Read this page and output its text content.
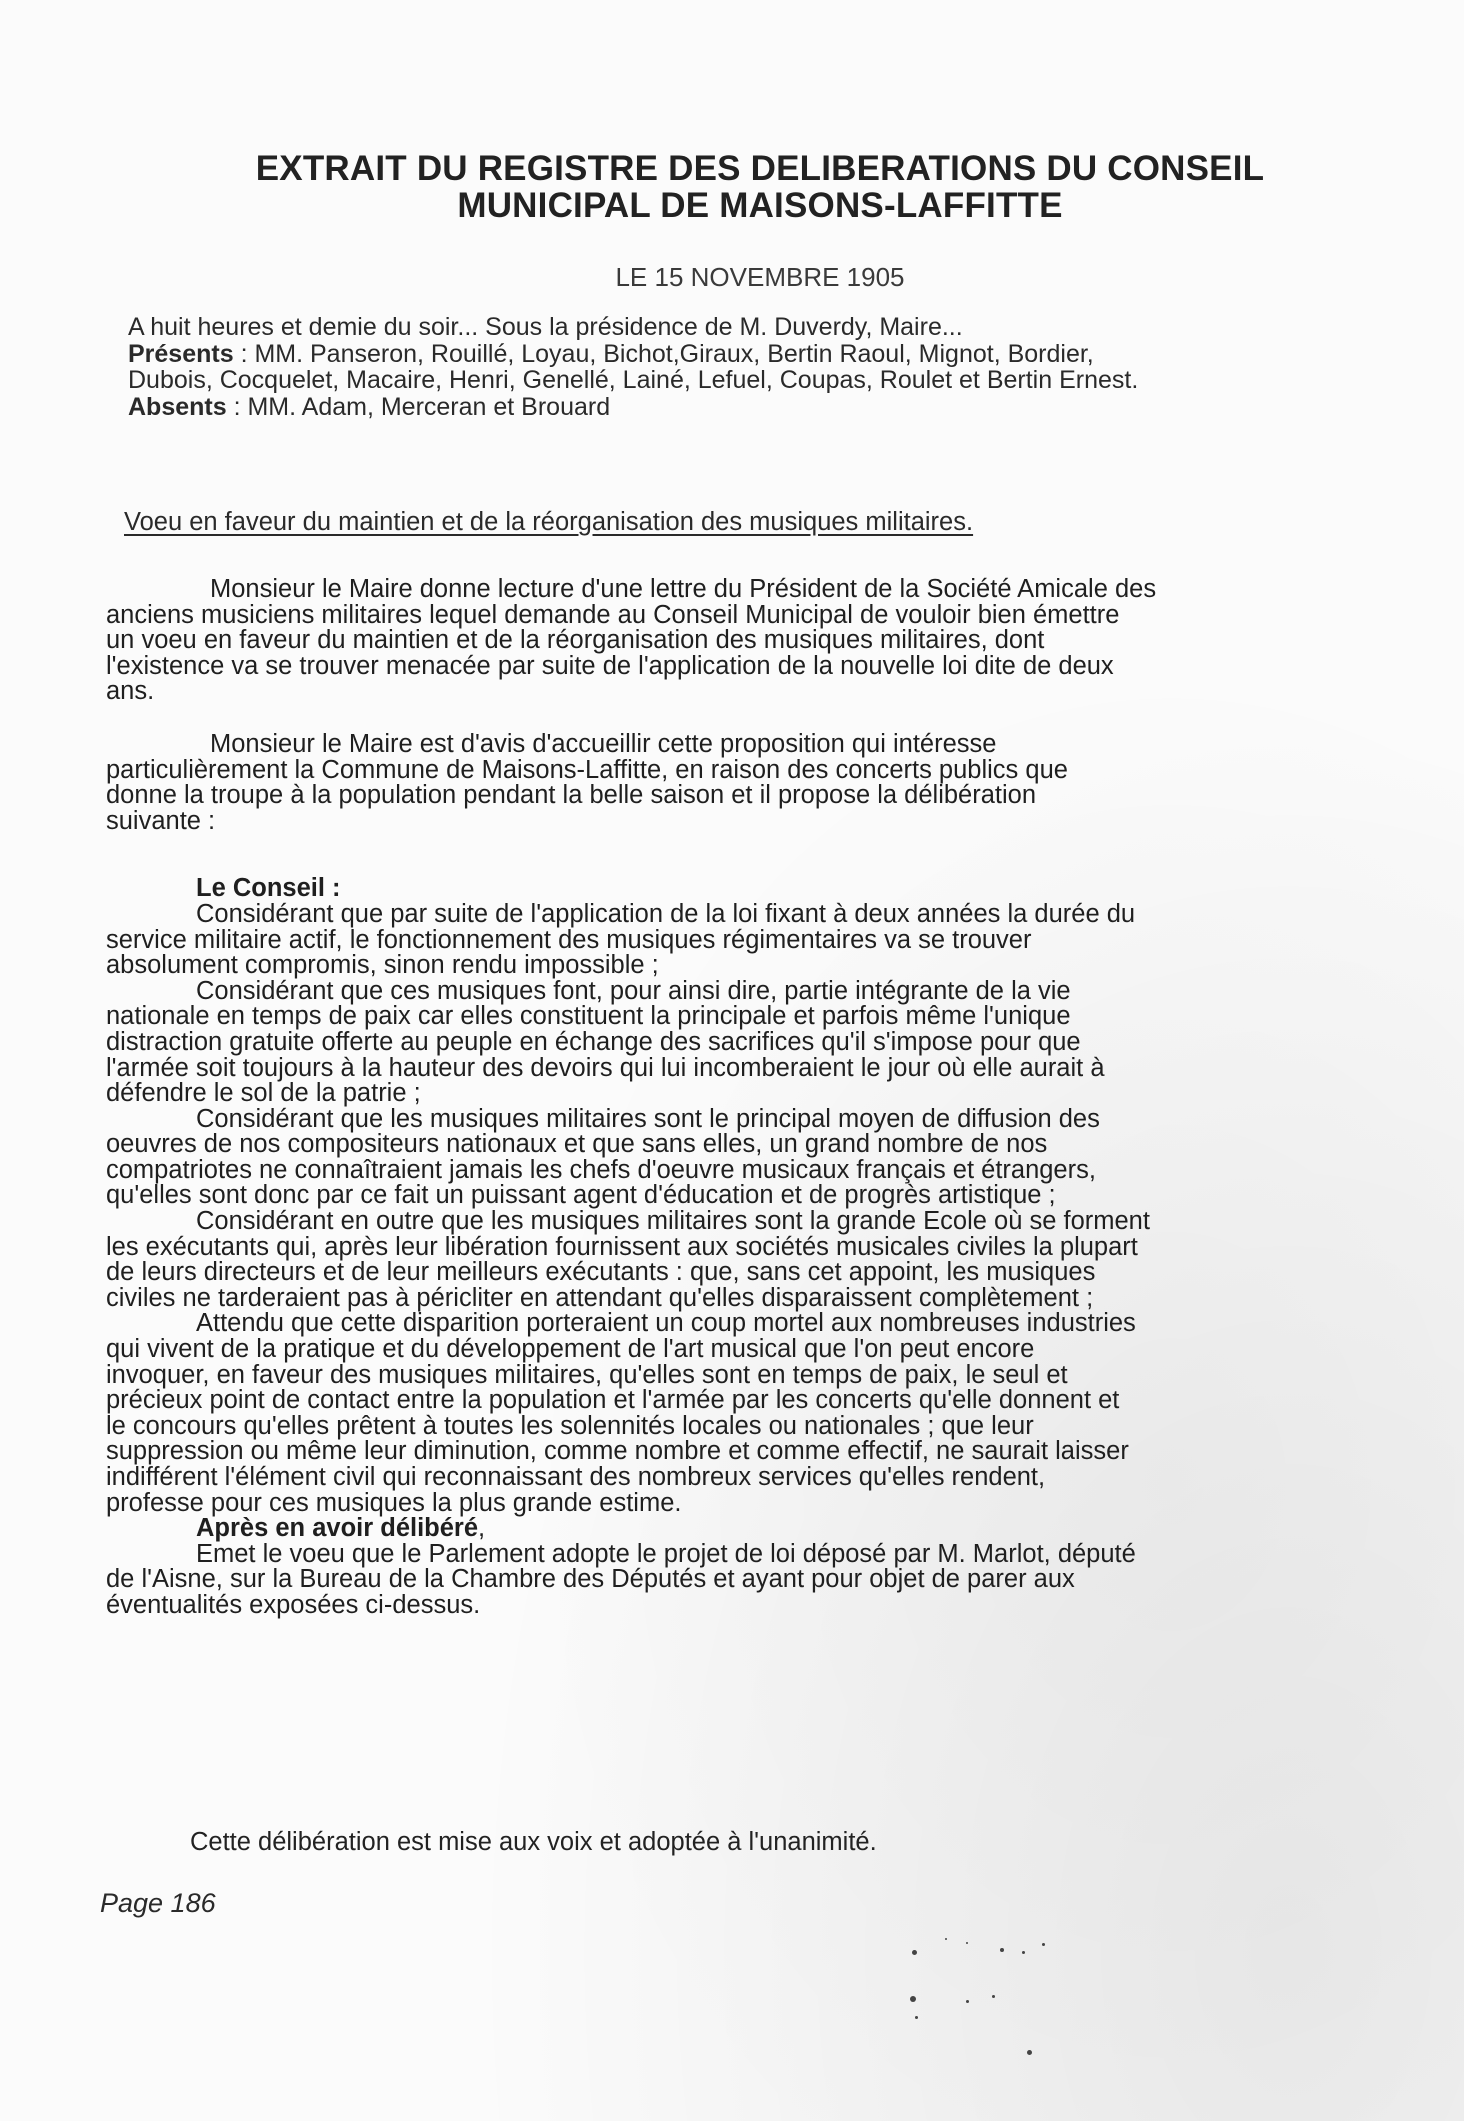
EXTRAIT DU REGISTRE DES DELIBERATIONS DU CONSEIL
MUNICIPAL DE MAISONS-LAFFITTE
LE 15 NOVEMBRE 1905
A huit heures et demie du soir... Sous la présidence de M. Duverdy, Maire...
Présents : MM. Panseron, Rouillé, Loyau, Bichot,Giraux, Bertin Raoul, Mignot, Bordier,
Dubois, Cocquelet, Macaire, Henri, Genellé, Lainé, Lefuel, Coupas, Roulet et Bertin Ernest.
Absents : MM. Adam, Merceran et Brouard
Voeu en faveur du maintien et de la réorganisation des musiques militaires.
Monsieur le Maire donne lecture d'une lettre du Président de la Société Amicale des
anciens musiciens militaires lequel demande au Conseil Municipal de vouloir bien émettre
un voeu en faveur du maintien et de la réorganisation des musiques militaires, dont
l'existence va se trouver menacée par suite de l'application de la nouvelle loi dite de deux
ans.
Monsieur le Maire est d'avis d'accueillir cette proposition qui intéresse
particulièrement la Commune de Maisons-Laffitte, en raison des concerts publics que
donne la troupe à la population pendant la belle saison et il propose la délibération
suivante :
Le Conseil :
Considérant que par suite de l'application de la loi fixant à deux années la durée du
service militaire actif, le fonctionnement des musiques régimentaires va se trouver
absolument compromis, sinon rendu impossible ;
Considérant que ces musiques font, pour ainsi dire, partie intégrante de la vie
nationale en temps de paix car elles constituent la principale et parfois même l'unique
distraction gratuite offerte au peuple en échange des sacrifices qu'il s'impose pour que
l'armée soit toujours à la hauteur des devoirs qui lui incomberaient le jour où elle aurait à
défendre le sol de la patrie ;
Considérant que les musiques militaires sont le principal moyen de diffusion des
oeuvres de nos compositeurs nationaux et que sans elles, un grand nombre de nos
compatriotes ne connaîtraient jamais les chefs d'oeuvre musicaux français et étrangers,
qu'elles sont donc par ce fait un puissant agent d'éducation et de progrès artistique ;
Considérant en outre que les musiques militaires sont la grande Ecole où se forment
les exécutants qui, après leur libération fournissent aux sociétés musicales civiles la plupart
de leurs directeurs et de leur meilleurs exécutants : que, sans cet appoint, les musiques
civiles ne tarderaient pas à péricliter en attendant qu'elles disparaissent complètement ;
Attendu que cette disparition porteraient un coup mortel aux nombreuses industries
qui vivent de la pratique et du développement de l'art musical que l'on peut encore
invoquer, en faveur des musiques militaires, qu'elles sont en temps de paix, le seul et
précieux point de contact entre la population et l'armée par les concerts qu'elle donnent et
le concours qu'elles prêtent à toutes les solennités locales ou nationales ; que leur
suppression ou même leur diminution, comme nombre et comme effectif, ne saurait laisser
indifférent l'élément civil qui reconnaissant des nombreux services qu'elles rendent,
professe pour ces musiques la plus grande estime.
Après en avoir délibéré,
Emet le voeu que le Parlement adopte le projet de loi déposé par M. Marlot, député
de l'Aisne, sur la Bureau de la Chambre des Députés et ayant pour objet de parer aux
éventualités exposées ci-dessus.
Cette délibération est mise aux voix et adoptée à l'unanimité.
Page 186
